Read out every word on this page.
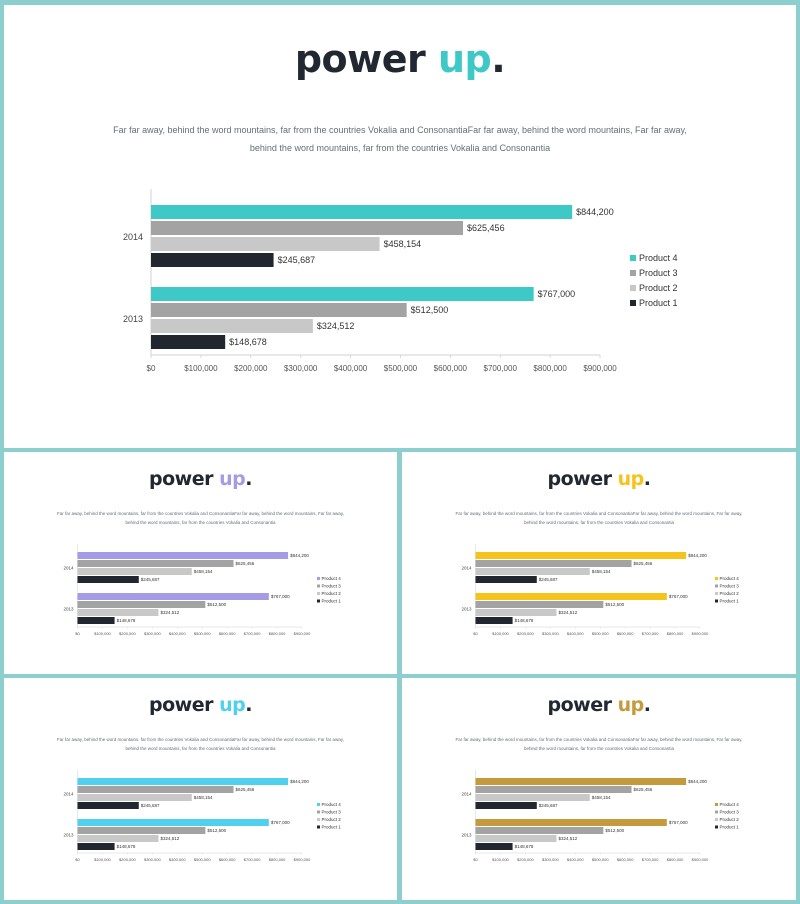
power up.
Far far away, behind the word mountains, far from the countries Vokalia and ConsonantiaFar far away, behind the word mountains, Far far away,
behind the word mountains, far from the countries Vokalia and Consonantia
$0	$100,000 $200,000 $300,000 $400,000 $500,000 $600,000 $700,000 $800,000 $900,000
2014
$844,200
$625,456
$458,154
$245,687
2013
$767,000
$512,500
$324,512
$148,678
Product 4
Product 3
Product 2
Product 1
power up.
Far far away, behind the word mountains, far from the countries Vokalia and ConsonantiaFar far away, behind the word mountains, Far far away,
behind the word mountains, far from the countries Vokalia and Consonantia
$0	$100,000 $200,000 $300,000 $400,000 $500,000 $600,000 $700,000 $800,000 $900,000
2014
$844,200
$625,456
$458,154
$245,687
2013
$767,000
$512,500
$324,512
$148,678
Product 4
Product 3
Product 2
Product 1
power up.
Far far away, behind the word mountains, far from the countries Vokalia and ConsonantiaFar far away, behind the word mountains, Far far away,
behind the word mountains, far from the countries Vokalia and Consonantia
$0	$100,000 $200,000 $300,000 $400,000 $500,000 $600,000 $700,000 $800,000 $900,000
2014
$844,200
$625,456
$458,154
$245,687
2013
$767,000
$512,500
$324,512
$148,678
Product 4
Product 3
Product 2
Product 1
power up.
Far far away, behind the word mountains, far from the countries Vokalia and ConsonantiaFar far away, behind the word mountains, Far far away,
behind the word mountains, far from the countries Vokalia and Consonantia
$0	$100,000 $200,000 $300,000 $400,000 $500,000 $600,000 $700,000 $800,000 $900,000
2014
$844,200
$625,456
$458,154
$245,687
2013
$767,000
$512,500
$324,512
$148,678
Product 4
Product 3
Product 2
Product 1
power up.
Far far away, behind the word mountains, far from the countries Vokalia and ConsonantiaFar far away, behind the word mountains, Far far away,
behind the word mountains, far from the countries Vokalia and Consonantia
$0	$100,000 $200,000 $300,000 $400,000 $500,000 $600,000 $700,000 $800,000 $900,000
2014
$844,200
$625,456
$458,154
$245,687
2013
$767,000
$512,500
$324,512
$148,678
Product 4
Product 3
Product 2
Product 1
